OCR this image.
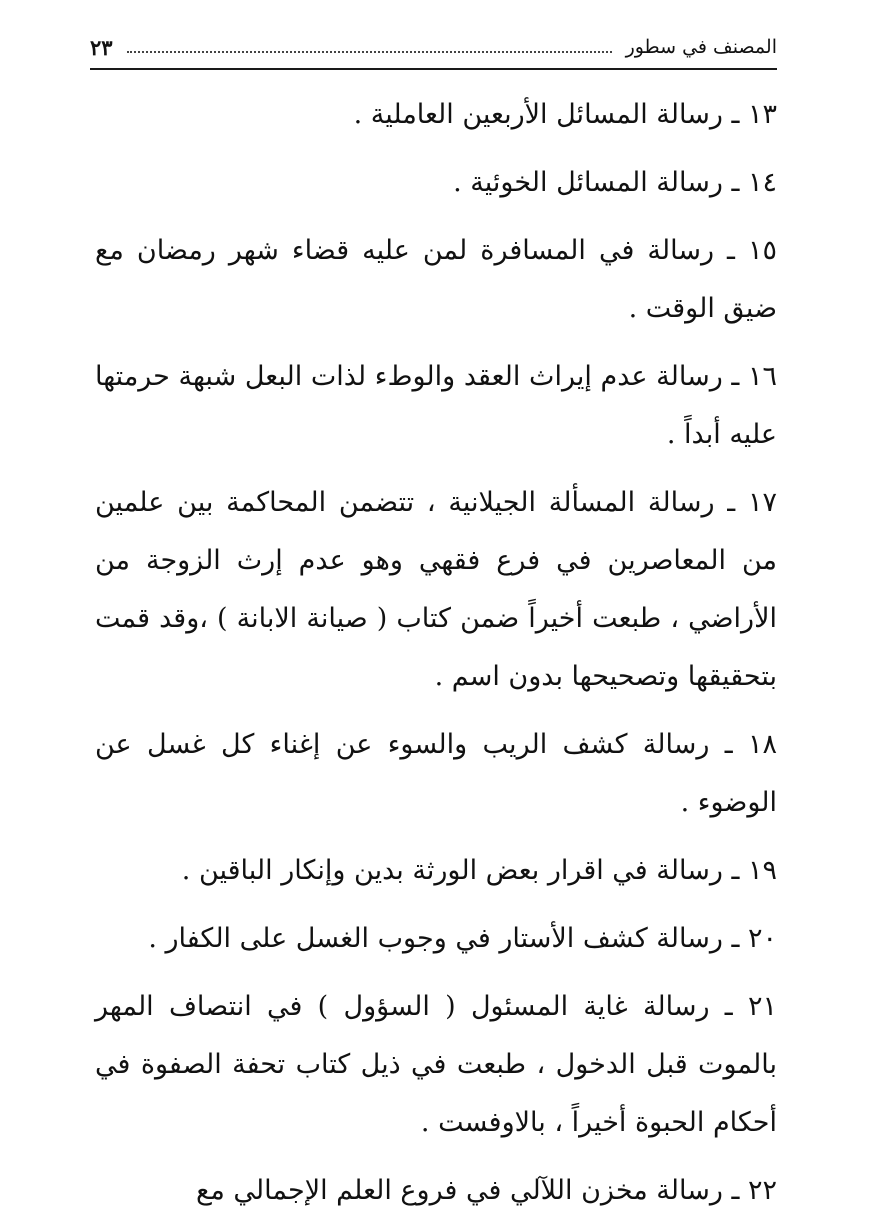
المصنف في سطور
٢٣

١٣ ـ رسالة المسائل الأربعين العاملية .

١٤ ـ رسالة المسائل الخوئية .

١٥ ـ رسالة في المسافرة لمن عليه قضاء شهر رمضان مع ضيق الوقت .

١٦ ـ رسالة عدم إيراث العقد والوطء لذات البعل شبهة حرمتها عليه أبداً .

١٧ ـ رسالة المسألة الجيلانية ، تتضمن المحاكمة بين علمين من المعاصرين في فرع فقهي وهو عدم إرث الزوجة من الأراضي ، طبعت أخيراً ضمن كتاب ( صيانة الابانة ) ،وقد قمت بتحقيقها وتصحيحها بدون اسم .

١٨ ـ رسالة كشف الريب والسوء عن إغناء كل غسل عن الوضوء .

١٩ ـ رسالة في اقرار بعض الورثة بدين وإنكار الباقين .

٢٠ ـ رسالة كشف الأستار في وجوب الغسل على الكفار .

٢١ ـ رسالة غاية المسئول ( السؤول ) في انتصاف المهر بالموت قبل الدخول ، طبعت في ذيل كتاب تحفة الصفوة في أحكام الحبوة أخيراً ، بالاوفست .

٢٢ ـ رسالة مخزن اللآلي في فروع العلم الإجمالي مع
